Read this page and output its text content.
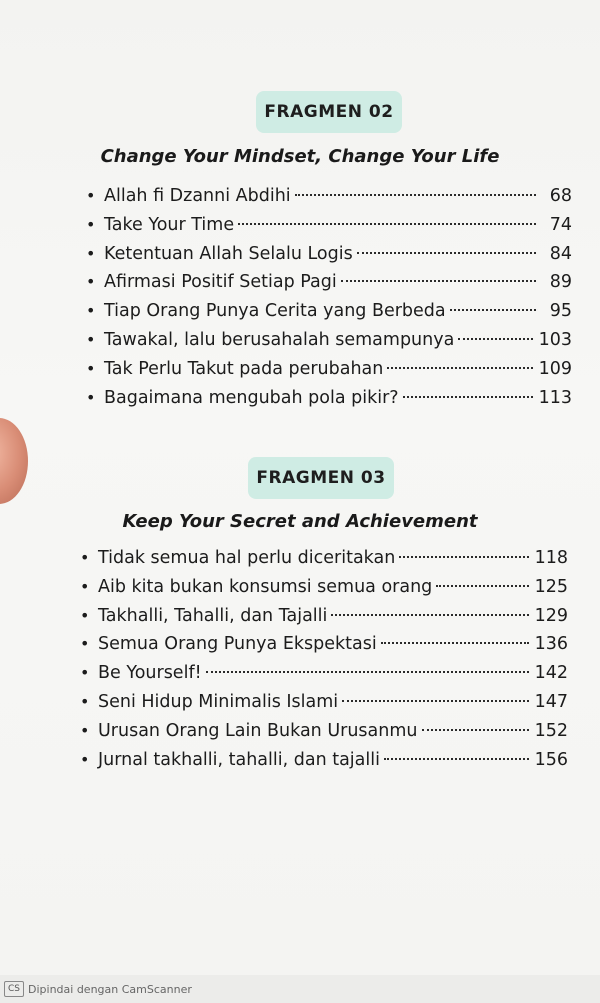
FRAGMEN 02
Change Your Mindset, Change Your Life
• Allah fi Dzanni Abdihi	68
• Take Your Time	74
• Ketentuan Allah Selalu Logis	84
• Afirmasi Positif Setiap Pagi	89
• Tiap Orang Punya Cerita yang Berbeda	95
• Tawakal, lalu berusahalah semampunya	103
• Tak Perlu Takut pada perubahan	109
• Bagaimana mengubah pola pikir?	113
FRAGMEN 03
Keep Your Secret and Achievement
• Tidak semua hal perlu diceritakan	118
• Aib kita bukan konsumsi semua orang	125
• Takhalli, Tahalli, dan Tajalli	129
• Semua Orang Punya Ekspektasi	136
• Be Yourself!	142
• Seni Hidup Minimalis Islami	147
• Urusan Orang Lain Bukan Urusanmu	152
• Jurnal takhalli, tahalli, dan tajalli	156
CS Dipindai dengan CamScanner
